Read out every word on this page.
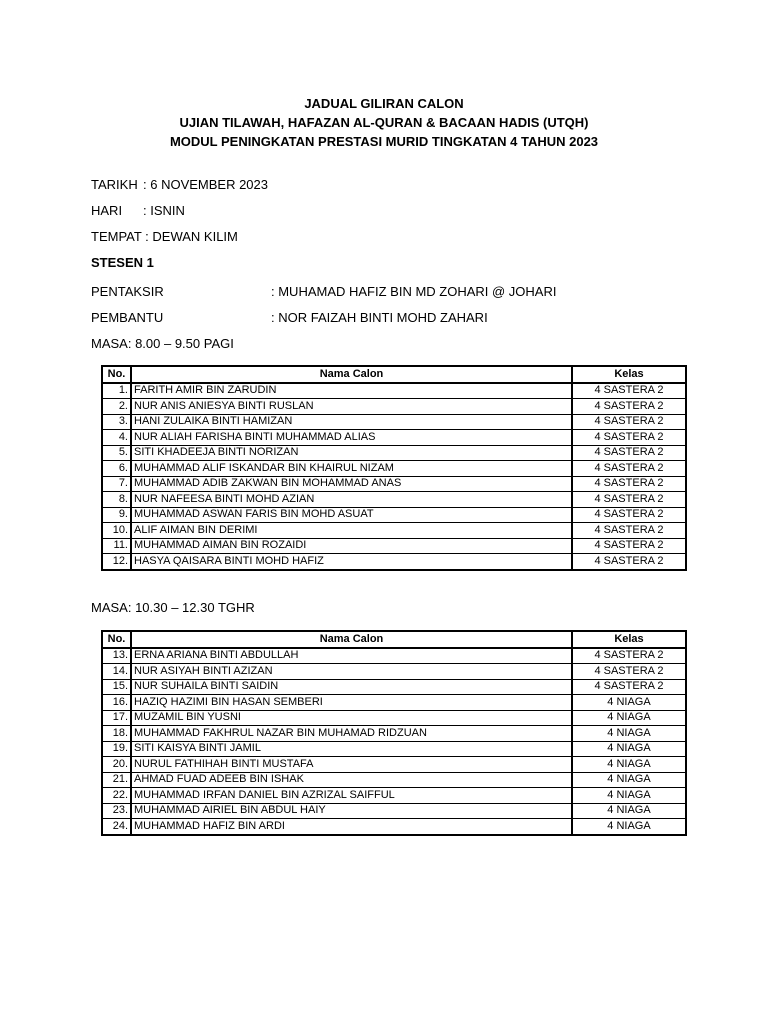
JADUAL GILIRAN CALON
UJIAN TILAWAH, HAFAZAN AL-QURAN & BACAAN HADIS (UTQH)
MODUL PENINGKATAN PRESTASI MURID TINGKATAN 4 TAHUN 2023
TARIKH : 6 NOVEMBER 2023
HARI : ISNIN
TEMPAT : DEWAN KILIM
STESEN 1
PENTAKSIR	: MUHAMAD HAFIZ BIN MD ZOHARI @ JOHARI
PEMBANTU	: NOR FAIZAH BINTI MOHD ZAHARI
MASA: 8.00 – 9.50 PAGI
No.	Nama Calon	Kelas
1.	FARITH AMIR BIN ZARUDIN	4 SASTERA 2
2.	NUR ANIS ANIESYA BINTI RUSLAN	4 SASTERA 2
3.	HANI ZULAIKA BINTI HAMIZAN	4 SASTERA 2
4.	NUR ALIAH FARISHA BINTI MUHAMMAD ALIAS	4 SASTERA 2
5.	SITI KHADEEJA BINTI NORIZAN	4 SASTERA 2
6.	MUHAMMAD ALIF ISKANDAR BIN KHAIRUL NIZAM	4 SASTERA 2
7.	MUHAMMAD ADIB ZAKWAN BIN MOHAMMAD ANAS	4 SASTERA 2
8.	NUR NAFEESA BINTI MOHD AZIAN	4 SASTERA 2
9.	MUHAMMAD ASWAN FARIS BIN MOHD ASUAT	4 SASTERA 2
10.	ALIF AIMAN BIN DERIMI	4 SASTERA 2
11.	MUHAMMAD AIMAN BIN ROZAIDI	4 SASTERA 2
12.	HASYA QAISARA BINTI MOHD HAFIZ	4 SASTERA 2
MASA: 10.30 – 12.30 TGHR
No.	Nama Calon	Kelas
13.	ERNA ARIANA BINTI ABDULLAH	4 SASTERA 2
14.	NUR ASIYAH BINTI AZIZAN	4 SASTERA 2
15.	NUR SUHAILA BINTI SAIDIN	4 SASTERA 2
16.	HAZIQ HAZIMI BIN HASAN SEMBERI	4 NIAGA
17.	MUZAMIL BIN YUSNI	4 NIAGA
18.	MUHAMMAD FAKHRUL NAZAR BIN MUHAMAD RIDZUAN	4 NIAGA
19.	SITI KAISYA BINTI JAMIL	4 NIAGA
20.	NURUL FATHIHAH BINTI MUSTAFA	4 NIAGA
21.	AHMAD FUAD ADEEB BIN ISHAK	4 NIAGA
22.	MUHAMMAD IRFAN DANIEL BIN AZRIZAL SAIFFUL	4 NIAGA
23.	MUHAMMAD AIRIEL BIN ABDUL HAIY	4 NIAGA
24.	MUHAMMAD HAFIZ BIN ARDI	4 NIAGA
